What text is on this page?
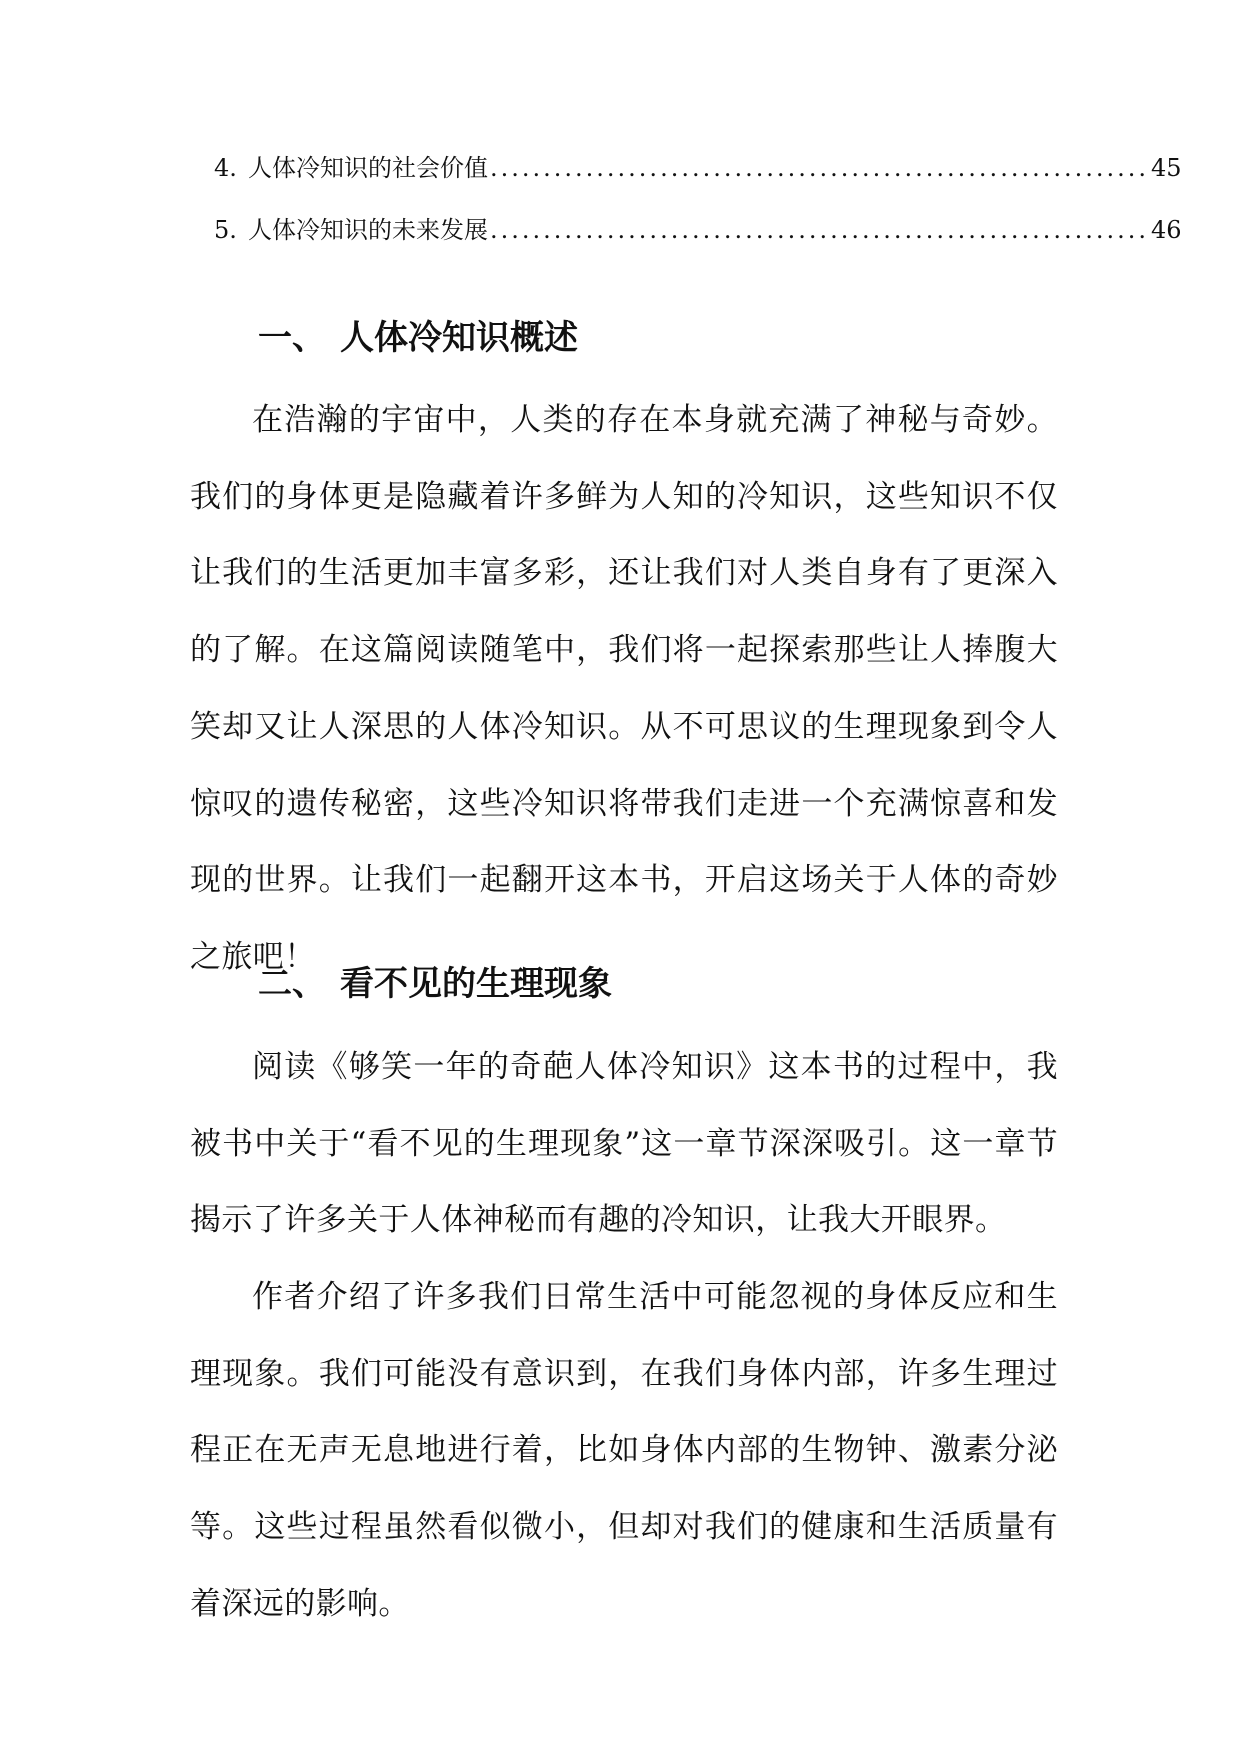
4. 人体冷知识的社会价值 .............................................................. 45
5. 人体冷知识的未来发展 .............................................................. 46
一、 人体冷知识概述

在浩瀚的宇宙中，人类的存在本身就充满了神秘与奇妙。我们的身体更是隐藏着许多鲜为人知的冷知识，这些知识不仅让我们的生活更加丰富多彩，还让我们对人类自身有了更深入的了解。在这篇阅读随笔中，我们将一起探索那些让人捧腹大笑却又让人深思的人体冷知识。从不可思议的生理现象到令人惊叹的遗传秘密，这些冷知识将带我们走进一个充满惊喜和发现的世界。让我们一起翻开这本书，开启这场关于人体的奇妙之旅吧！

二、 看不见的生理现象

阅读《够笑一年的奇葩人体冷知识》这本书的过程中，我被书中关于“看不见的生理现象”这一章节深深吸引。这一章节揭示了许多关于人体神秘而有趣的冷知识，让我大开眼界。

作者介绍了许多我们日常生活中可能忽视的身体反应和生理现象。我们可能没有意识到，在我们身体内部，许多生理过程正在无声无息地进行着，比如身体内部的生物钟、激素分泌等。这些过程虽然看似微小，但却对我们的健康和生活质量有着深远的影响。
